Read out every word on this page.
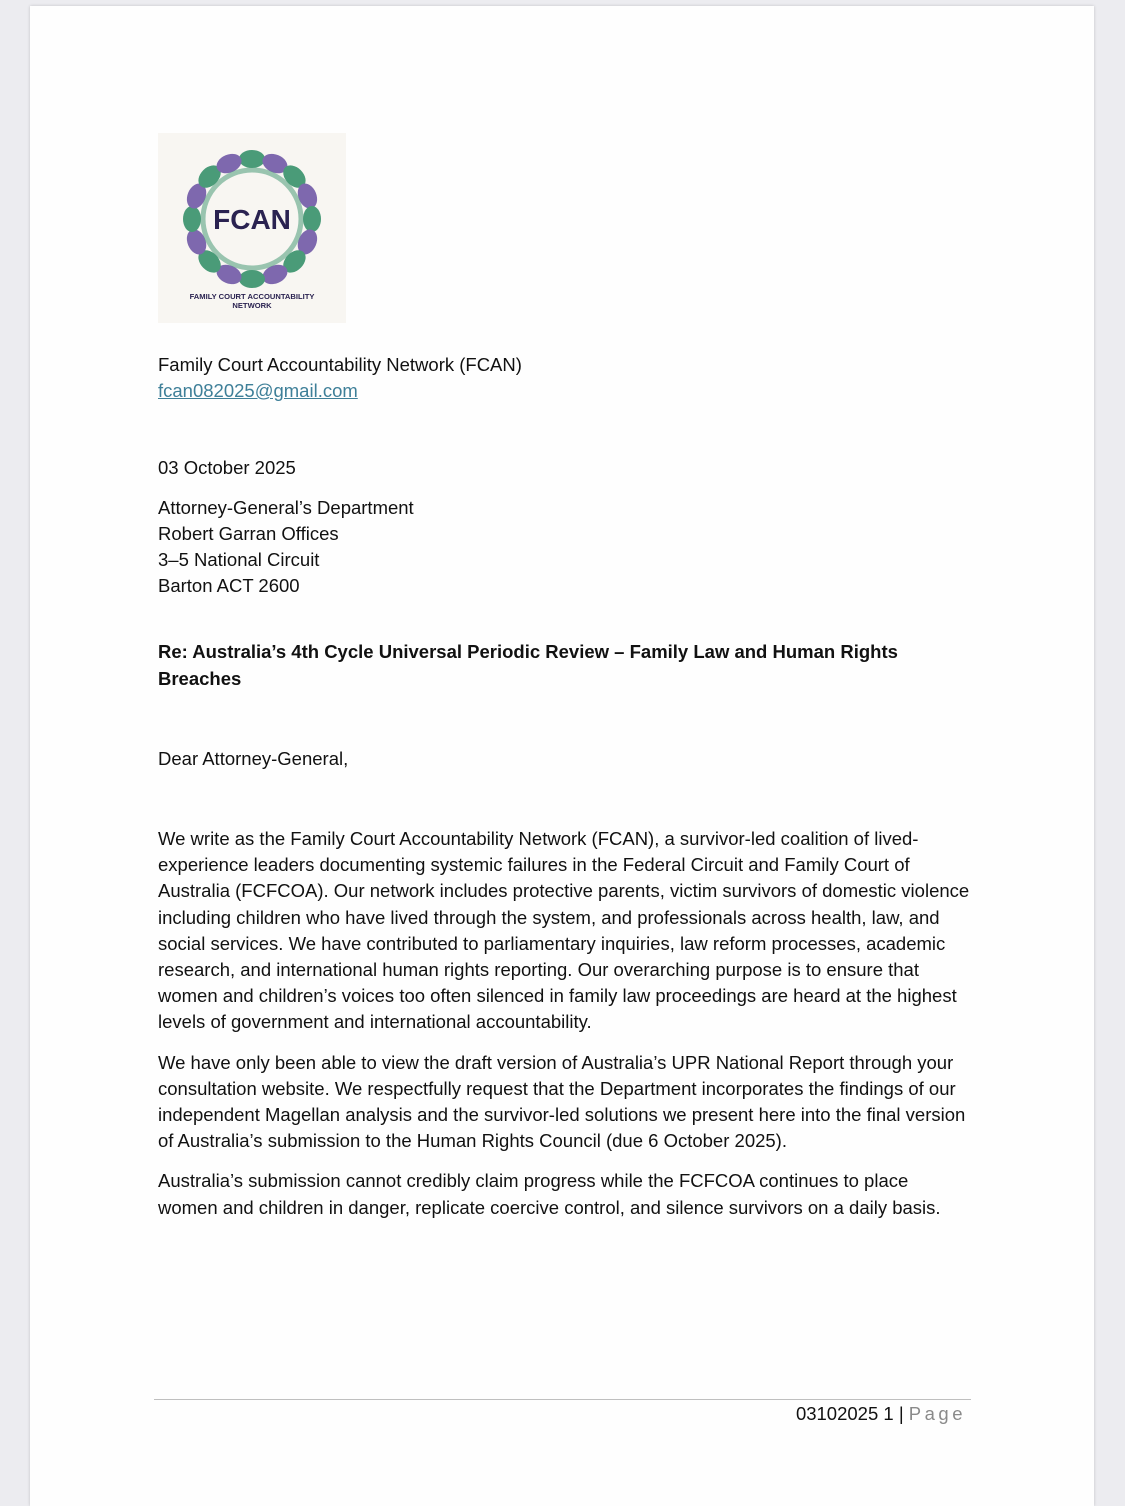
FCAN
FAMILY COURT ACCOUNTABILITY
NETWORK
Family Court Accountability Network (FCAN)
fcan082025@gmail.com
03 October 2025
Attorney-General’s Department
Robert Garran Offices
3–5 National Circuit
Barton ACT 2600
Re: Australia’s 4th Cycle Universal Periodic Review – Family Law and Human Rights Breaches
Dear Attorney-General,

We write as the Family Court Accountability Network (FCAN), a survivor-led coalition of lived-experience leaders documenting systemic failures in the Federal Circuit and Family Court of Australia (FCFCOA). Our network includes protective parents, victim survivors of domestic violence including children who have lived through the system, and professionals across health, law, and social services. We have contributed to parliamentary inquiries, law reform processes, academic research, and international human rights reporting. Our overarching purpose is to ensure that women and children’s voices too often silenced in family law proceedings are heard at the highest levels of government and international accountability.

We have only been able to view the draft version of Australia’s UPR National Report through your consultation website. We respectfully request that the Department incorporates the findings of our independent Magellan analysis and the survivor-led solutions we present here into the final version of Australia’s submission to the Human Rights Council (due 6 October 2025).

Australia’s submission cannot credibly claim progress while the FCFCOA continues to place women and children in danger, replicate coercive control, and silence survivors on a daily basis.

03102025 1 | Page
